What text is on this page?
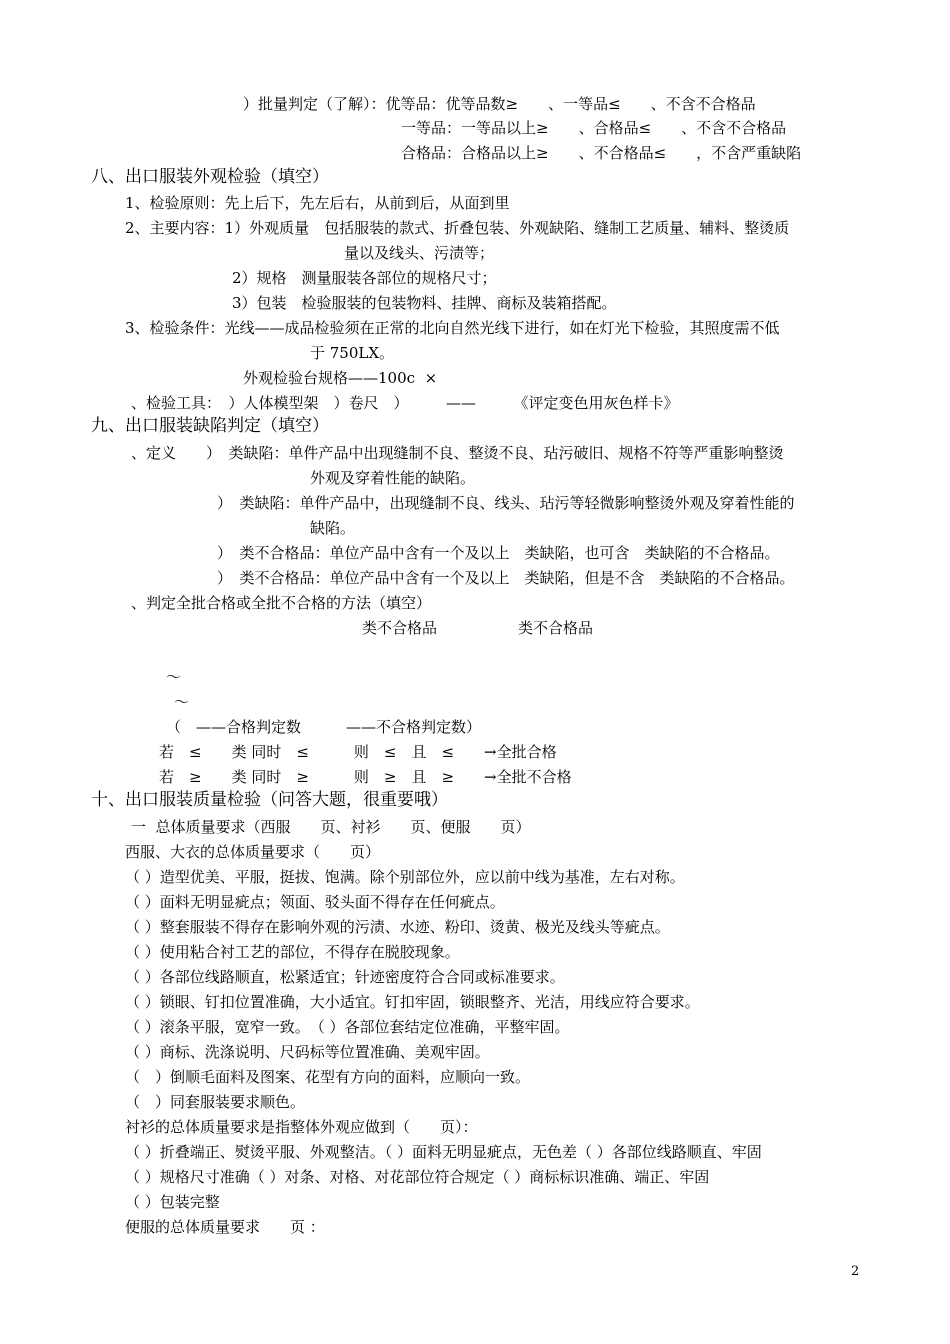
）批量判定（了解）：优等品：优等品数≥　　、一等品≤　　、不含不合格品
一等品：一等品以上≥　　、合格品≤　　、不含不合格品
合格品：合格品以上≥　　、不合格品≤　　，不含严重缺陷
八、出口服装外观检验（填空）
1、检验原则：先上后下，先左后右，从前到后，从面到里
2、主要内容：1）外观质量　包括服装的款式、折叠包装、外观缺陷、缝制工艺质量、辅料、整烫质
量以及线头、污渍等；
2）规格　测量服装各部位的规格尺寸；
3）包装　检验服装的包装物料、挂牌、商标及装箱搭配。
3、检验条件：光线——成品检验须在正常的北向自然光线下进行，如在灯光下检验，其照度需不低
于 750LX。
外观检验台规格——100c  ×
、检验工具：　）人体模型架　）卷尺　）　　　——　　　《评定变色用灰色样卡》
九、出口服装缺陷判定（填空）
、定义　　）　类缺陷：单件产品中出现缝制不良、整烫不良、玷污破旧、规格不符等严重影响整烫
外观及穿着性能的缺陷。
）　类缺陷：单件产品中，出现缝制不良、线头、玷污等轻微影响整烫外观及穿着性能的
缺陷。
）　类不合格品：单位产品中含有一个及以上　类缺陷，也可含　类缺陷的不合格品。
）　类不合格品：单位产品中含有一个及以上　类缺陷，但是不含　类缺陷的不合格品。
、判定全批合格或全批不合格的方法（填空）
类不合格品	类不合格品
～
～
（　——合格判定数　　　——不合格判定数）
若　≤　　类 同时　≤　　　则　≤　且　≤　　→全批合格
若　≥　　类 同时　≥　　　则　≥　且　≥　　→全批不合格
十、出口服装质量检验（问答大题，很重要哦）
一  总体质量要求（西服　　页、衬衫　　页、便服　　页）
西服、大衣的总体质量要求（　　页）
（ ）造型优美、平服，挺拔、饱满。除个别部位外，应以前中线为基准，左右对称。
（ ）面料无明显疵点；领面、驳头面不得存在任何疵点。
（ ）整套服装不得存在影响外观的污渍、水迹、粉印、烫黄、极光及线头等疵点。
（ ）使用粘合衬工艺的部位，不得存在脱胶现象。
（ ）各部位线路顺直，松紧适宜；针迹密度符合合同或标准要求。
（ ）锁眼、钉扣位置准确，大小适宜。钉扣牢固，锁眼整齐、光洁，用线应符合要求。
（ ）滚条平服，宽窄一致。　（ ）各部位套结定位准确，平整牢固。
（ ）商标、洗涤说明、尺码标等位置准确、美观牢固。
（　）倒顺毛面料及图案、花型有方向的面料，应顺向一致。
（　）同套服装要求顺色。
衬衫的总体质量要求是指整体外观应做到（　　页）：
（ ）折叠端正、熨烫平服、外观整洁。（ ）面料无明显疵点，无色差（ ）各部位线路顺直、牢固
（ ）规格尺寸准确（ ）对条、对格、对花部位符合规定（ ）商标标识准确、端正、牢固
（ ）包装完整
便服的总体质量要求　　页 ：
2
